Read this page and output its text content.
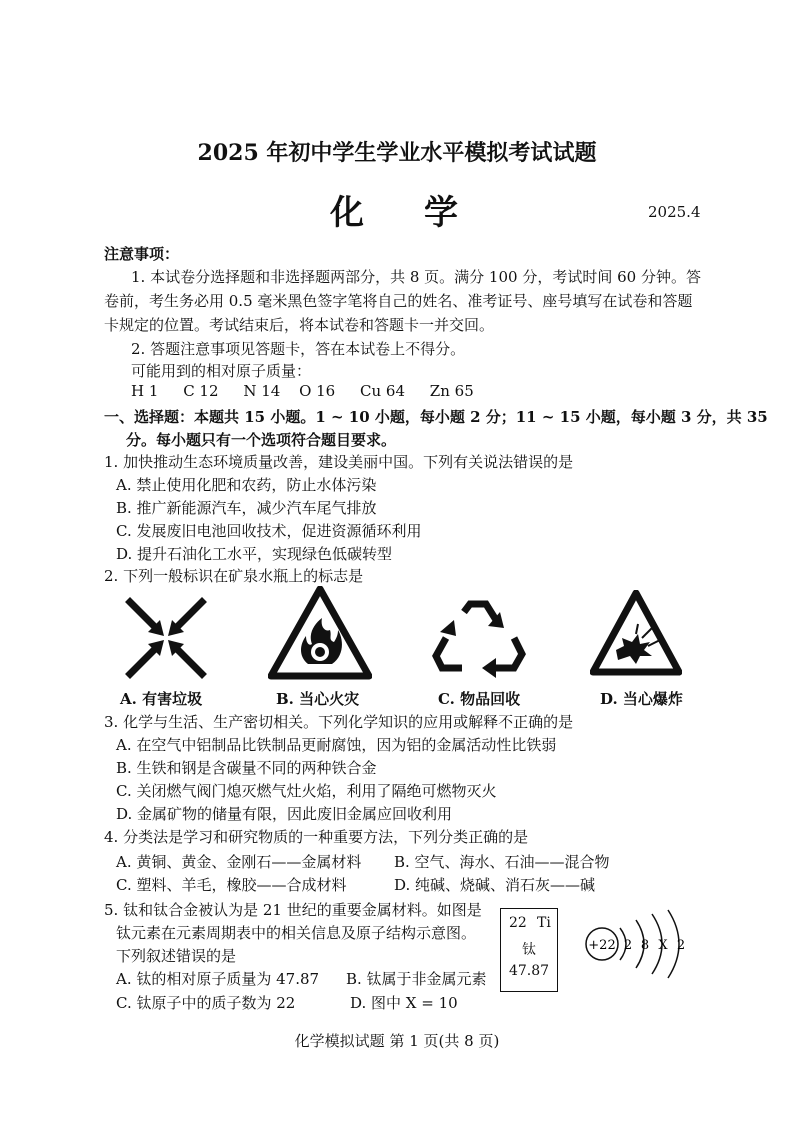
2025 年初中学生学业水平模拟考试试题
化学	2025.4
注意事项：
1. 本试卷分选择题和非选择题两部分，共 8 页。满分 100 分，考试时间 60 分钟。答
卷前，考生务必用 0.5 毫米黑色签字笔将自己的姓名、准考证号、座号填写在试卷和答题
卡规定的位置。考试结束后，将本试卷和答题卡一并交回。
2. 答题注意事项见答题卡，答在本试卷上不得分。
可能用到的相对原子质量：
H 1 C 12 N 14 O 16 Cu 64 Zn 65
一、选择题：本题共 15 小题。1 ~ 10 小题，每小题 2 分；11 ~ 15 小题，每小题 3 分，共 35
分。每小题只有一个选项符合题目要求。
1. 加快推动生态环境质量改善，建设美丽中国。下列有关说法错误的是
A. 禁止使用化肥和农药，防止水体污染
B. 推广新能源汽车，减少汽车尾气排放
C. 发展废旧电池回收技术，促进资源循环利用
D. 提升石油化工水平，实现绿色低碳转型
2. 下列一般标识在矿泉水瓶上的标志是
A. 有害垃圾	B. 当心火灾	C. 物品回收	D. 当心爆炸
3. 化学与生活、生产密切相关。下列化学知识的应用或解释不正确的是
A. 在空气中铝制品比铁制品更耐腐蚀，因为铝的金属活动性比铁弱
B. 生铁和钢是含碳量不同的两种铁合金
C. 关闭燃气阀门熄灭燃气灶火焰，利用了隔绝可燃物灭火
D. 金属矿物的储量有限，因此废旧金属应回收利用
4. 分类法是学习和研究物质的一种重要方法，下列分类正确的是
A. 黄铜、黄金、金刚石——金属材料 B. 空气、海水、石油——混合物
C. 塑料、羊毛，橡胶——合成材料	D. 纯碱、烧碱、消石灰——碱
5. 钛和钛合金被认为是 21 世纪的重要金属材料。如图是
钛元素在元素周期表中的相关信息及原子结构示意图。
下列叙述错误的是
A. 钛的相对原子质量为 47.87 B. 钛属于非金属元素
C. 钛原子中的质子数为 22	D. 图中 X = 10
22 Ti
钛
47.87
+22 2 8 X 2
化学模拟试题 第 1 页(共 8 页)
